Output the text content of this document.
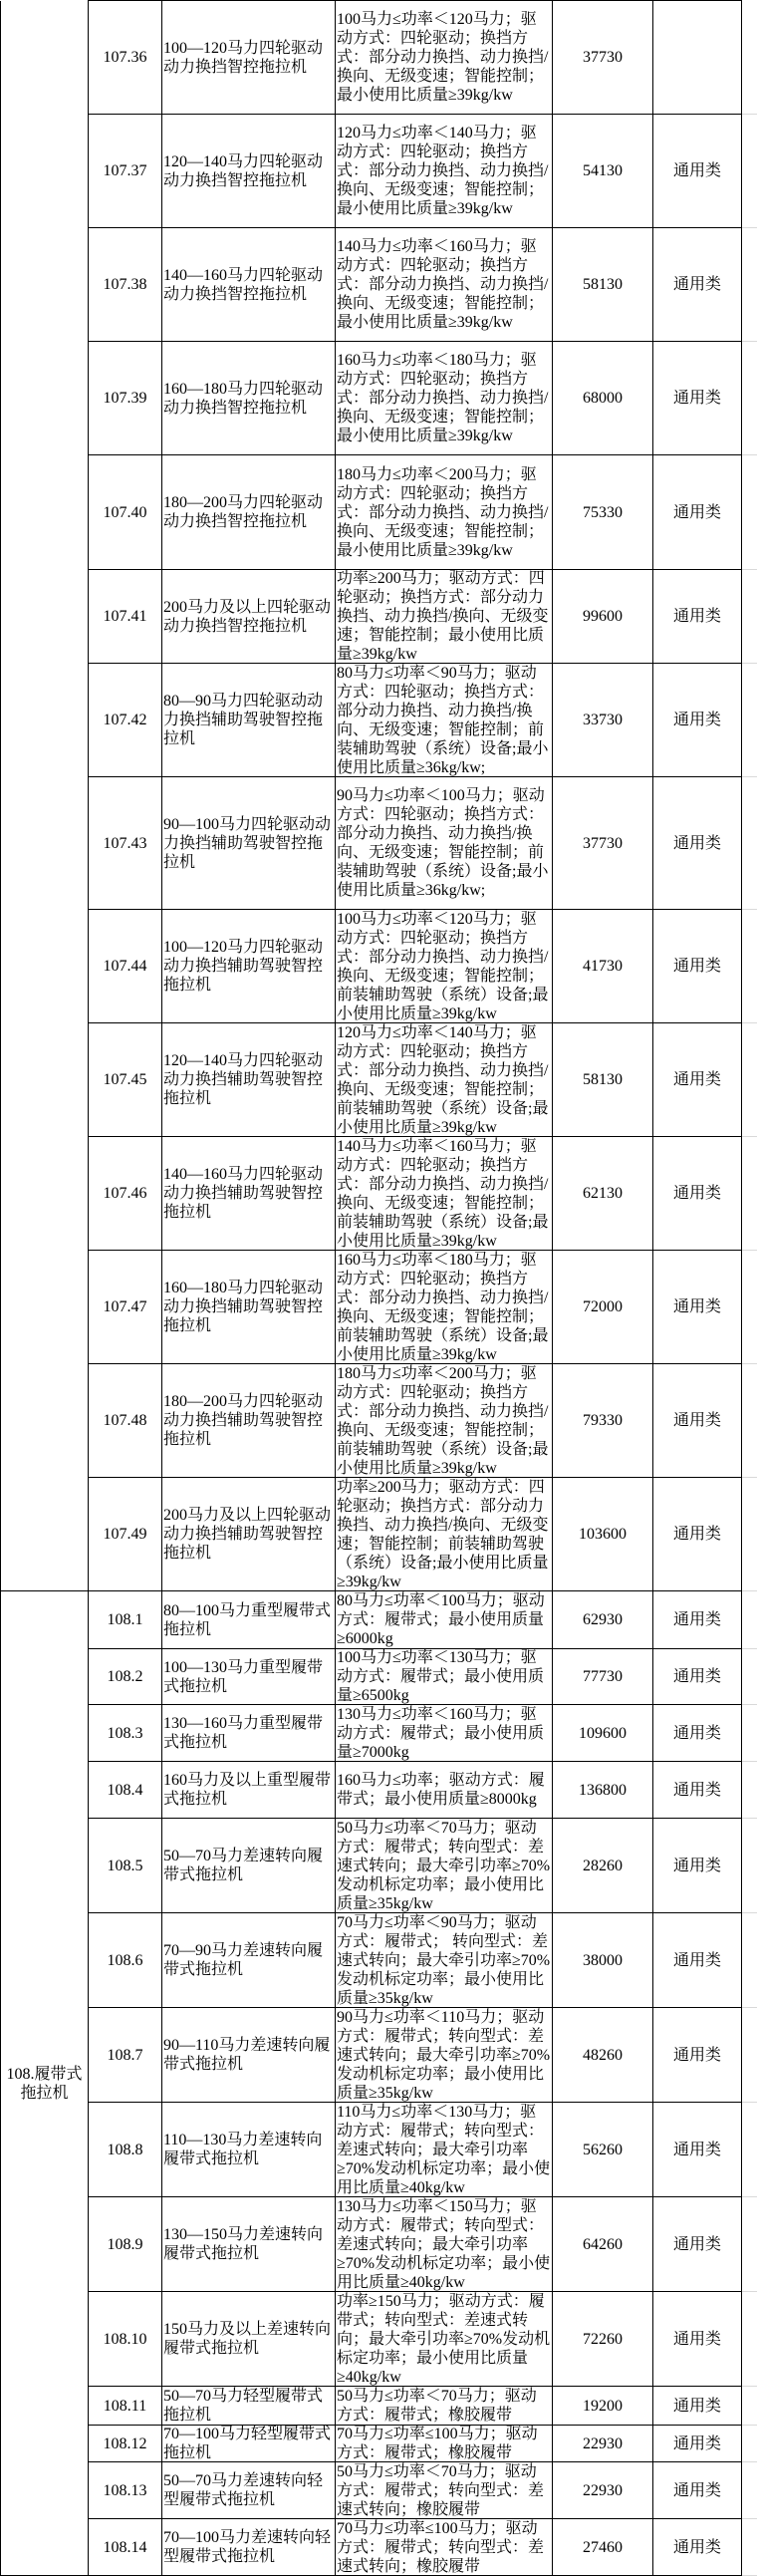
	107.36	100—120马力四轮驱动动力换挡智控拖拉机	100马力≤功率＜120马力；驱动方式：四轮驱动；换挡方式：部分动力换挡、动力换挡/换向、无级变速；智能控制；最小使用比质量≥39kg/kw	37730		

	107.37	120—140马力四轮驱动动力换挡智控拖拉机	120马力≤功率＜140马力；驱动方式：四轮驱动；换挡方式：部分动力换挡、动力换挡/换向、无级变速；智能控制；最小使用比质量≥39kg/kw	54130	通用类	

	107.38	140—160马力四轮驱动动力换挡智控拖拉机	140马力≤功率＜160马力；驱动方式：四轮驱动；换挡方式：部分动力换挡、动力换挡/换向、无级变速；智能控制；最小使用比质量≥39kg/kw	58130	通用类	

	107.39	160—180马力四轮驱动动力换挡智控拖拉机	160马力≤功率＜180马力；驱动方式：四轮驱动；换挡方式：部分动力换挡、动力换挡/换向、无级变速；智能控制；最小使用比质量≥39kg/kw	68000	通用类	

	107.40	180—200马力四轮驱动动力换挡智控拖拉机	180马力≤功率＜200马力；驱动方式：四轮驱动；换挡方式：部分动力换挡、动力换挡/换向、无级变速；智能控制；最小使用比质量≥39kg/kw	75330	通用类	

	107.41	200马力及以上四轮驱动动力换挡智控拖拉机	功率≥200马力；驱动方式：四轮驱动；换挡方式：部分动力换挡、动力换挡/换向、无级变速；智能控制；最小使用比质量≥39kg/kw	99600	通用类	

	107.42	80—90马力四轮驱动动力换挡辅助驾驶智控拖拉机	80马力≤功率＜90马力；驱动方式：四轮驱动；换挡方式：部分动力换挡、动力换挡/换向、无级变速；智能控制；前装辅助驾驶（系统）设备;最小使用比质量≥36kg/kw;	33730	通用类	

	107.43	90—100马力四轮驱动动力换挡辅助驾驶智控拖拉机	90马力≤功率＜100马力；驱动方式：四轮驱动；换挡方式：部分动力换挡、动力换挡/换向、无级变速；智能控制；前装辅助驾驶（系统）设备;最小使用比质量≥36kg/kw;	37730	通用类	

	107.44	100—120马力四轮驱动动力换挡辅助驾驶智控拖拉机	100马力≤功率＜120马力；驱动方式：四轮驱动；换挡方式：部分动力换挡、动力换挡/换向、无级变速；智能控制；前装辅助驾驶（系统）设备;最小使用比质量≥39kg/kw	41730	通用类	

	107.45	120—140马力四轮驱动动力换挡辅助驾驶智控拖拉机	120马力≤功率＜140马力；驱动方式：四轮驱动；换挡方式：部分动力换挡、动力换挡/换向、无级变速；智能控制；前装辅助驾驶（系统）设备;最小使用比质量≥39kg/kw	58130	通用类	

	107.46	140—160马力四轮驱动动力换挡辅助驾驶智控拖拉机	140马力≤功率＜160马力；驱动方式：四轮驱动；换挡方式：部分动力换挡、动力换挡/换向、无级变速；智能控制；前装辅助驾驶（系统）设备;最小使用比质量≥39kg/kw	62130	通用类	

	107.47	160—180马力四轮驱动动力换挡辅助驾驶智控拖拉机	160马力≤功率＜180马力；驱动方式：四轮驱动；换挡方式：部分动力换挡、动力换挡/换向、无级变速；智能控制；前装辅助驾驶（系统）设备;最小使用比质量≥39kg/kw	72000	通用类	

	107.48	180—200马力四轮驱动动力换挡辅助驾驶智控拖拉机	180马力≤功率＜200马力；驱动方式：四轮驱动；换挡方式：部分动力换挡、动力换挡/换向、无级变速；智能控制；前装辅助驾驶（系统）设备;最小使用比质量≥39kg/kw	79330	通用类	

	107.49	200马力及以上四轮驱动动力换挡辅助驾驶智控拖拉机	功率≥200马力；驱动方式：四轮驱动；换挡方式：部分动力换挡、动力换挡/换向、无级变速；智能控制；前装辅助驾驶（系统）设备;最小使用比质量≥39kg/kw	103600	通用类	

108.履带式拖拉机	108.1	80—100马力重型履带式拖拉机	80马力≤功率＜100马力；驱动方式：履带式；最小使用质量≥6000kg	62930	通用类	

	108.2	100—130马力重型履带式拖拉机	100马力≤功率＜130马力；驱动方式：履带式；最小使用质量≥6500kg	77730	通用类	

	108.3	130—160马力重型履带式拖拉机	130马力≤功率＜160马力；驱动方式：履带式；最小使用质量≥7000kg	109600	通用类	

	108.4	160马力及以上重型履带式拖拉机	160马力≤功率；驱动方式：履带式；最小使用质量≥8000kg	136800	通用类	

	108.5	50—70马力差速转向履带式拖拉机	50马力≤功率＜70马力；驱动方式：履带式；转向型式：差速式转向；最大牵引功率≥70%发动机标定功率；最小使用比质量≥35kg/kw	28260	通用类	

	108.6	70—90马力差速转向履带式拖拉机	70马力≤功率＜90马力；驱动方式：履带式； 转向型式：差速式转向；最大牵引功率≥70%发动机标定功率；最小使用比质量≥35kg/kw	38000	通用类	

	108.7	90—110马力差速转向履带式拖拉机	90马力≤功率＜110马力；驱动方式：履带式；转向型式：差速式转向；最大牵引功率≥70%发动机标定功率；最小使用比质量≥35kg/kw	48260	通用类	

	108.8	110—130马力差速转向履带式拖拉机	110马力≤功率＜130马力；驱动方式：履带式；转向型式：差速式转向；最大牵引功率≥70%发动机标定功率；最小使用比质量≥40kg/kw	56260	通用类	

	108.9	130—150马力差速转向履带式拖拉机	130马力≤功率＜150马力；驱动方式：履带式；转向型式：差速式转向；最大牵引功率≥70%发动机标定功率；最小使用比质量≥40kg/kw	64260	通用类	

	108.10	150马力及以上差速转向履带式拖拉机	功率≥150马力；驱动方式：履带式；转向型式：差速式转向；最大牵引功率≥70%发动机标定功率；最小使用比质量≥40kg/kw	72260	通用类	

	108.11	50—70马力轻型履带式拖拉机	50马力≤功率＜70马力；驱动方式：履带式；橡胶履带	19200	通用类	

	108.12	70—100马力轻型履带式拖拉机	70马力≤功率≤100马力；驱动方式：履带式；橡胶履带	22930	通用类	

	108.13	50—70马力差速转向轻型履带式拖拉机	50马力≤功率＜70马力；驱动方式：履带式；转向型式：差速式转向；橡胶履带	22930	通用类	

	108.14	70—100马力差速转向轻型履带式拖拉机	70马力≤功率≤100马力；驱动方式：履带式；转向型式：差速式转向；橡胶履带	27460	通用类	
